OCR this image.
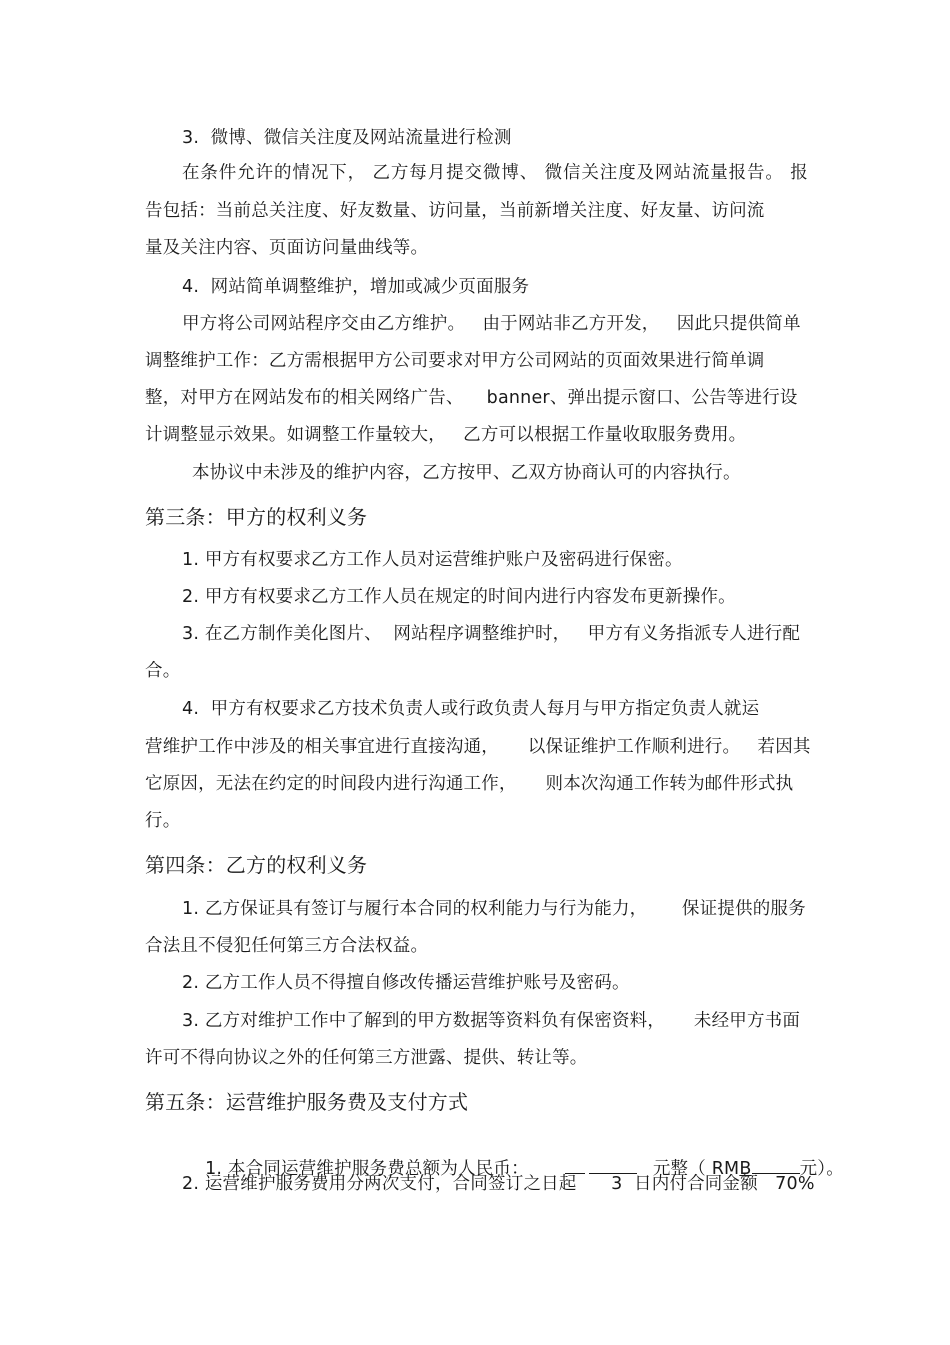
3.  微博、微信关注度及网站流量进行检测
在条件允许的情况下， 乙方每月提交微博、 微信关注度及网站流量报告。 报
告包括：当前总关注度、好友数量、访问量，当前新增关注度、好友量、访问流
量及关注内容、页面访问量曲线等。
4.  网站简单调整维护，增加或减少页面服务
甲方将公司网站程序交由乙方维护。   由于网站非乙方开发，   因此只提供简单
调整维护工作：乙方需根据甲方公司要求对甲方公司网站的页面效果进行简单调
整，对甲方在网站发布的相关网络广告、    banner、弹出提示窗口、公告等进行设
计调整显示效果。如调整工作量较大，   乙方可以根据工作量收取服务费用。
本协议中未涉及的维护内容，乙方按甲、乙双方协商认可的内容执行。
第三条：甲方的权利义务
1. 甲方有权要求乙方工作人员对运营维护账户及密码进行保密。
2. 甲方有权要求乙方工作人员在规定的时间内进行内容发布更新操作。
3. 在乙方制作美化图片、  网站程序调整维护时，   甲方有义务指派专人进行配
合。
4.  甲方有权要求乙方技术负责人或行政负责人每月与甲方指定负责人就运
营维护工作中涉及的相关事宜进行直接沟通，     以保证维护工作顺利进行。   若因其
它原因，无法在约定的时间段内进行沟通工作，     则本次沟通工作转为邮件形式执
行。
第四条：乙方的权利义务
1. 乙方保证具有签订与履行本合同的权利能力与行为能力，      保证提供的服务
合法且不侵犯任何第三方合法权益。
2. 乙方工作人员不得擅自修改传播运营维护账号及密码。
3. 乙方对维护工作中了解到的甲方数据等资料负有保密资料，     未经甲方书面
许可不得向协议之外的任何第三方泄露、提供、转让等。
第五条：运营维护服务费及支付方式

1. 本合同运营维护服务费总额为人民币：	元整（ RMB	元）。

2. 运营维护服务费用分两次支付，合同签订之日起      3  日内付合同金额   70%
